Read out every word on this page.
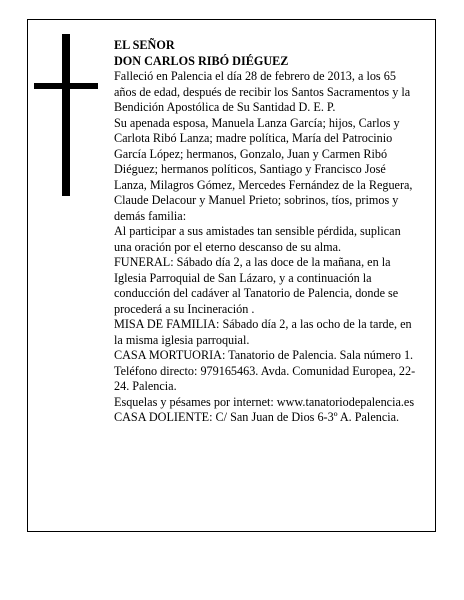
EL SEÑOR

DON CARLOS RIBÓ DIÉGUEZ

Falleció en Palencia el día 28 de febrero de 2013, a los 65 años de edad, después de recibir los Santos Sacramentos y la Bendición Apostólica de Su Santidad D. E. P.

Su apenada esposa, Manuela Lanza García; hijos, Carlos y Carlota Ribó Lanza; madre política, María del Patrocinio García López; hermanos, Gonzalo, Juan y Carmen Ribó Diéguez; hermanos políticos, Santiago y Francisco José Lanza, Milagros Gómez, Mercedes Fernández de la Reguera, Claude Delacour y Manuel Prieto; sobrinos, tíos, primos y demás familia:

Al participar a sus amistades tan sensible pérdida, suplican una oración por el eterno descanso de su alma.

FUNERAL: Sábado día 2, a las doce de la mañana, en la Iglesia Parroquial de San Lázaro, y a continuación la conducción del cadáver al Tanatorio de Palencia, donde se procederá a su Incineración .

MISA DE FAMILIA: Sábado día 2, a las ocho de la tarde, en la misma iglesia parroquial.

CASA MORTUORIA: Tanatorio de Palencia. Sala número 1. Teléfono directo: 979165463. Avda. Comunidad Europea, 22-24. Palencia.

Esquelas y pésames por internet: www.tanatoriodepalencia.es

CASA DOLIENTE: C/ San Juan de Dios 6-3º A. Palencia.
